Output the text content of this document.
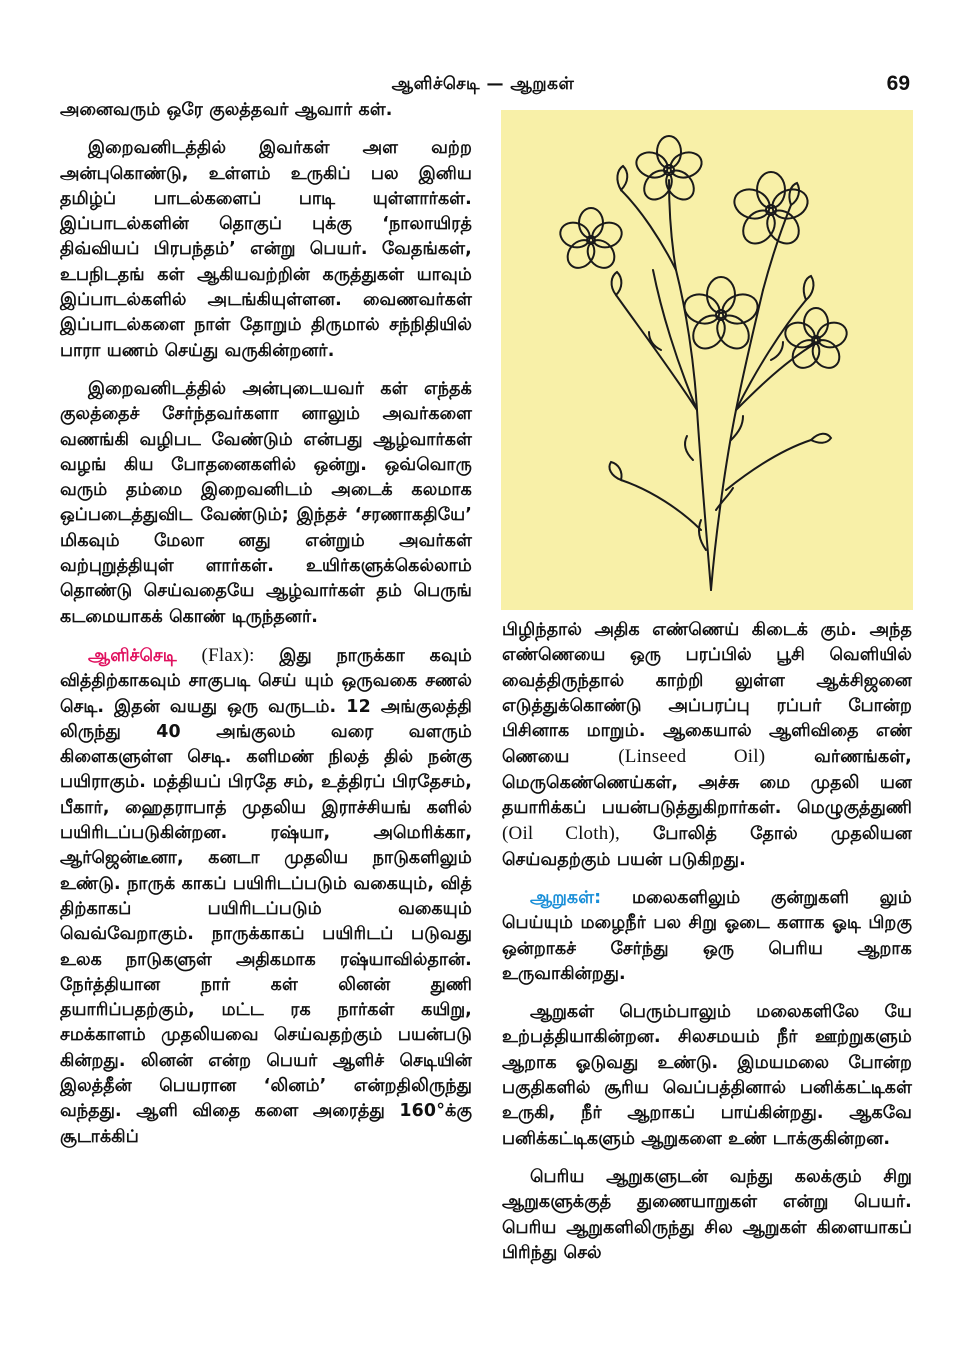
ஆளிச்செடி — ஆறுகள்	69

அனைவரும் ஒரே குலத்தவர் ஆவார் கள்.

இறைவனிடத்தில் இவர்கள் அள வற்ற அன்புகொண்டு, உள்ளம் உருகிப் பல இனிய தமிழ்ப் பாடல்களைப் பாடி யுள்ளார்கள். இப்பாடல்களின் தொகுப் புக்கு ‘நாலாயிரத் திவ்வியப் பிரபந்தம்’ என்று பெயர். வேதங்கள், உபநிடதங் கள் ஆகியவற்றின் கருத்துகள் யாவும் இப்பாடல்களில் அடங்கியுள்ளன. வைணவர்கள் இப்பாடல்களை நாள் தோறும் திருமால் சந்நிதியில் பாரா யணம் செய்து வருகின்றனர்.

இறைவனிடத்தில் அன்புடையவர் கள் எந்தக் குலத்தைச் சேர்ந்தவர்களா னாலும் அவர்களை வணங்கி வழிபட வேண்டும் என்பது ஆழ்வார்கள் வழங் கிய போதனைகளில் ஒன்று. ஒவ்வொரு வரும் தம்மை இறைவனிடம் அடைக் கலமாக ஒப்படைத்துவிட வேண்டும்; இந்தச் ‘சரணாகதியே’ மிகவும் மேலா னது என்றும் அவர்கள் வற்புறுத்தியுள் ளார்கள். உயிர்களுக்கெல்லாம் தொண்டு செய்வதையே ஆழ்வார்கள் தம் பெருங் கடமையாகக் கொண் டிருந்தனர்.

ஆளிச்செடி (Flax): இது நாருக்கா கவும் வித்திற்காகவும் சாகுபடி செய் யும் ஒருவகை சணல் செடி. இதன் வயது ஒரு வருடம். 12 அங்குலத்தி லிருந்து 40 அங்குலம் வரை வளரும் கிளைகளுள்ள செடி. களிமண் நிலத் தில் நன்கு பயிராகும். மத்தியப் பிரதே சம், உத்திரப் பிரதேசம், பீகார், ஹைதராபாத் முதலிய இராச்சியங் களில் பயிரிடப்படுகின்றன. ரஷ்யா, அமெரிக்கா, ஆர்ஜென்டீனா, கனடா முதலிய நாடுகளிலும் உண்டு. நாருக் காகப் பயிரிடப்படும் வகையும், வித் திற்காகப் பயிரிடப்படும் வகையும் வெவ்வேறாகும். நாருக்காகப் பயிரிடப் படுவது உலக நாடுகளுள் அதிகமாக ரஷ்யாவில்தான். நேர்த்தியான நார் கள் லினன் துணி தயாரிப்பதற்கும், மட்ட ரக நார்கள் கயிறு, சமக்காளம் முதலியவை செய்வதற்கும் பயன்படு கின்றது. லினன் என்ற பெயர் ஆளிச் செடியின் இலத்தீன் பெயரான ‘லினம்’ என்றதிலிருந்து வந்தது. ஆளி விதை களை அரைத்து 160°க்கு சூடாக்கிப்

பிழிந்தால் அதிக எண்ணெய் கிடைக் கும். அந்த எண்ணெயை ஒரு பரப்பில் பூசி வெளியில் வைத்திருந்தால் காற்றி லுள்ள ஆக்சிஜனை எடுத்துக்கொண்டு அப்பரப்பு ரப்பர் போன்ற பிசினாக மாறும். ஆகையால் ஆளிவிதை எண் ணெயை	(Linseed Oil)	வர்ணங்கள், மெருகெண்ணெய்கள், அச்சு மை முதலி யன தயாரிக்கப் பயன்படுத்துகிறார்கள். மெழுகுத்துணி (Oil Cloth), போலித் தோல் முதலியன செய்வதற்கும் பயன் படுகிறது.

ஆறுகள்: மலைகளிலும் குன்றுகளி லும் பெய்யும் மழைநீர் பல சிறு ஓடை களாக ஓடி பிறகு ஒன்றாகச் சேர்ந்து ஒரு பெரிய ஆறாக உருவாகின்றது.

ஆறுகள் பெரும்பாலும் மலைகளிலே யே உற்பத்தியாகின்றன. சிலசமயம் நீர் ஊற்றுகளும் ஆறாக ஓடுவது உண்டு. இமயமலை போன்ற பகுதிகளில் சூரிய வெப்பத்தினால் பனிக்கட்டிகள் உருகி, நீர் ஆறாகப் பாய்கின்றது. ஆகவே பனிக்கட்டிகளும் ஆறுகளை உண் டாக்குகின்றன.

பெரிய ஆறுகளுடன் வந்து கலக்கும் சிறு ஆறுகளுக்குத் துணையாறுகள் என்று பெயர். பெரிய ஆறுகளிலிருந்து சில ஆறுகள் கிளையாகப் பிரிந்து செல்
